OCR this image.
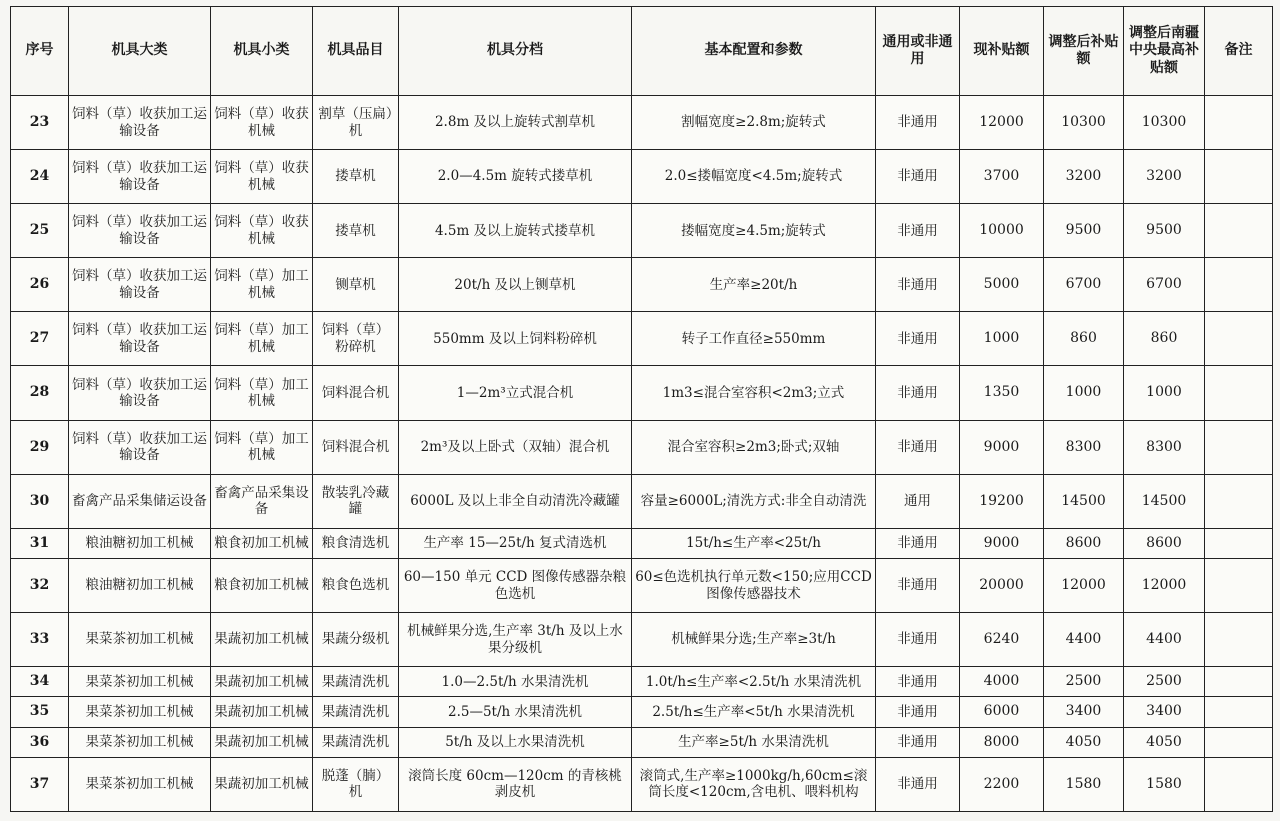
序号	机具大类	机具小类	机具品目	机具分档	基本配置和参数	通用或非通用	现补贴额	调整后补贴额	调整后南疆中央最高补贴额	备注
23	饲料（草）收获加工运输设备	饲料（草）收获机械	割草（压扁）机	2.8m 及以上旋转式割草机	割幅宽度≥2.8m;旋转式	非通用	12000	10300	10300	
24	饲料（草）收获加工运输设备	饲料（草）收获机械	搂草机	2.0—4.5m 旋转式搂草机	2.0≤搂幅宽度<4.5m;旋转式	非通用	3700	3200	3200	
25	饲料（草）收获加工运输设备	饲料（草）收获机械	搂草机	4.5m 及以上旋转式搂草机	搂幅宽度≥4.5m;旋转式	非通用	10000	9500	9500	
26	饲料（草）收获加工运输设备	饲料（草）加工机械	铡草机	20t/h 及以上铡草机	生产率≥20t/h	非通用	5000	6700	6700	
27	饲料（草）收获加工运输设备	饲料（草）加工机械	饲料（草）粉碎机	550mm 及以上饲料粉碎机	转子工作直径≥550mm	非通用	1000	860	860	
28	饲料（草）收获加工运输设备	饲料（草）加工机械	饲料混合机	1—2m³立式混合机	1m3≤混合室容积<2m3;立式	非通用	1350	1000	1000	
29	饲料（草）收获加工运输设备	饲料（草）加工机械	饲料混合机	2m³及以上卧式（双轴）混合机	混合室容积≥2m3;卧式;双轴	非通用	9000	8300	8300	
30	畜禽产品采集储运设备	畜禽产品采集设备	散装乳冷藏罐	6000L 及以上非全自动清洗冷藏罐	容量≥6000L;清洗方式:非全自动清洗	通用	19200	14500	14500	
31	粮油糖初加工机械	粮食初加工机械	粮食清选机	生产率 15—25t/h 复式清选机	15t/h≤生产率<25t/h	非通用	9000	8600	8600	
32	粮油糖初加工机械	粮食初加工机械	粮食色选机	60—150 单元 CCD 图像传感器杂粮色选机	60≤色选机执行单元数<150;应用CCD 图像传感器技术	非通用	20000	12000	12000	
33	果菜茶初加工机械	果蔬初加工机械	果蔬分级机	机械鲜果分选,生产率 3t/h 及以上水果分级机	机械鲜果分选;生产率≥3t/h	非通用	6240	4400	4400	
34	果菜茶初加工机械	果蔬初加工机械	果蔬清洗机	1.0—2.5t/h 水果清洗机	1.0t/h≤生产率<2.5t/h 水果清洗机	非通用	4000	2500	2500	
35	果菜茶初加工机械	果蔬初加工机械	果蔬清洗机	2.5—5t/h 水果清洗机	2.5t/h≤生产率<5t/h 水果清洗机	非通用	6000	3400	3400	
36	果菜茶初加工机械	果蔬初加工机械	果蔬清洗机	5t/h 及以上水果清洗机	生产率≥5t/h 水果清洗机	非通用	8000	4050	4050	
37	果菜茶初加工机械	果蔬初加工机械	脱蓬（腩）机	滚筒长度 60cm—120cm 的青核桃剥皮机	滚筒式,生产率≥1000kg/h,60cm≤滚筒长度<120cm,含电机、喂料机构	非通用	2200	1580	1580	
